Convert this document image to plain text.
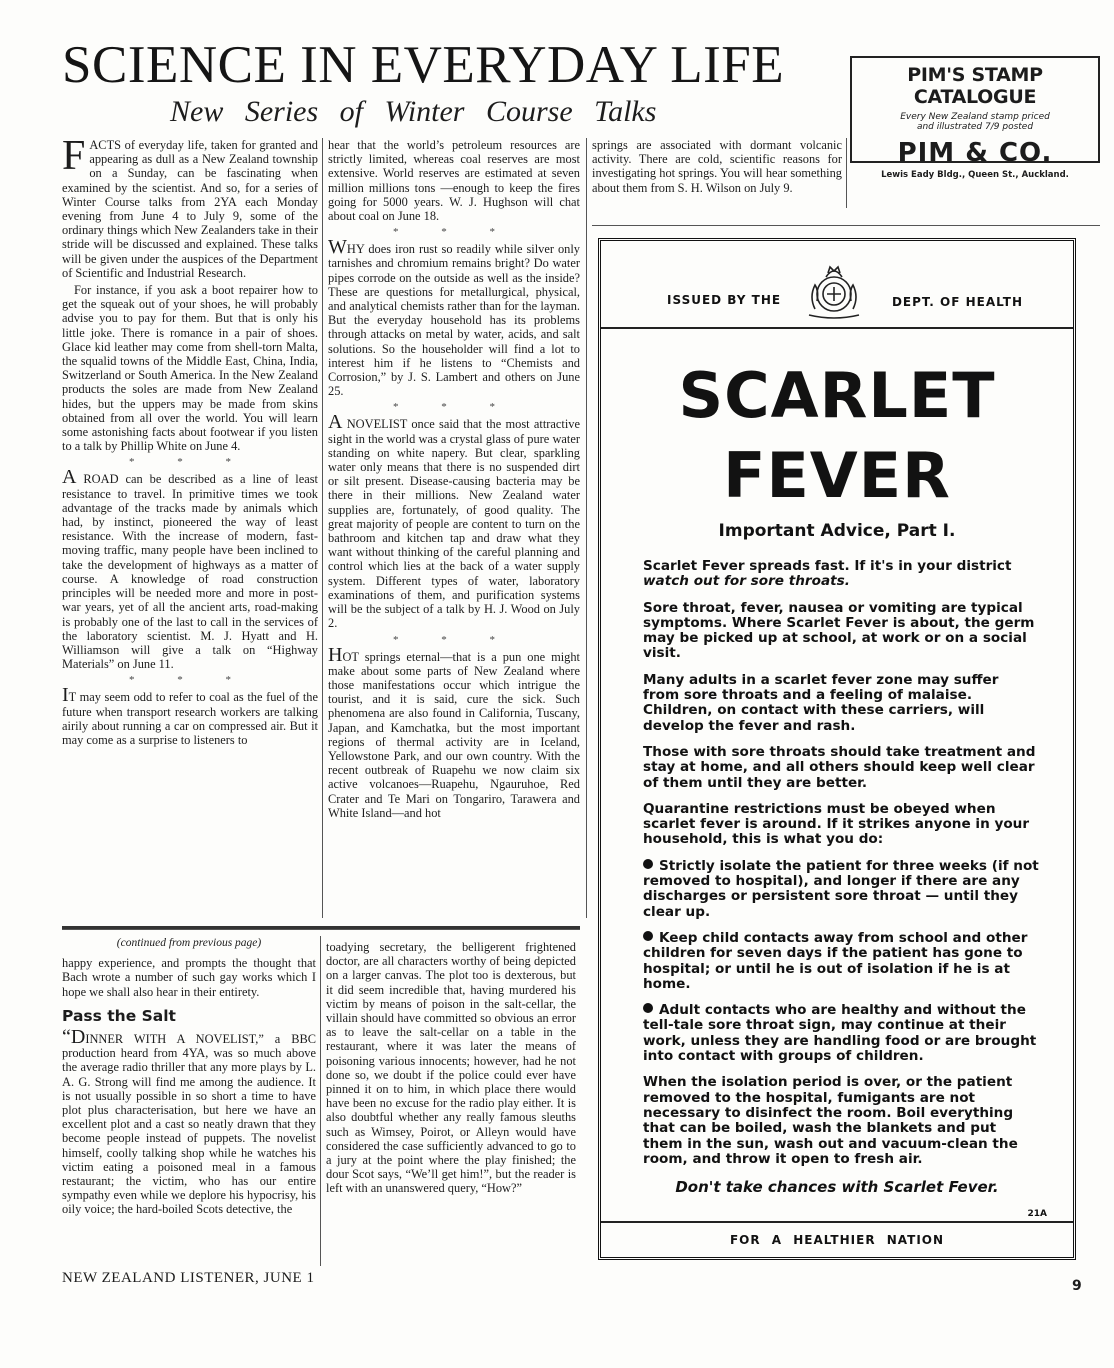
SCIENCE IN EVERYDAY LIFE
New Series of Winter Course Talks

FACTS of everyday life, taken for granted and appearing as dull as a New Zealand township on a Sunday, can be fascinating when examined by the scientist. And so, for a series of Winter Course talks from 2YA each Monday evening from June 4 to July 9, some of the ordinary things which New Zealanders take in their stride will be discussed and explained. These talks will be given under the auspices of the Department of Scientific and Industrial Research.

For instance, if you ask a boot repairer how to get the squeak out of your shoes, he will probably advise you to pay for them. But that is only his little joke. There is romance in a pair of shoes. Glace kid leather may come from shell-torn Malta, the squalid towns of the Middle East, China, India, Switzerland or South America. In the New Zealand products the soles are made from New Zealand hides, but the uppers may be made from skins obtained from all over the world. You will learn some astonishing facts about footwear if you listen to a talk by Phillip White on June 4.

* * *

A ROAD can be described as a line of least resistance to travel. In primitive times we took advantage of the tracks made by animals which had, by instinct, pioneered the way of least resistance. With the increase of modern, fast-moving traffic, many people have been inclined to take the development of highways as a matter of course. A knowledge of road construction principles will be needed more and more in post-war years, yet of all the ancient arts, road-making is probably one of the last to call in the services of the laboratory scientist. M. J. Hyatt and H. Williamson will give a talk on “Highway Materials” on June 11.

* * *

IT may seem odd to refer to coal as the fuel of the future when transport research workers are talking airily about running a car on compressed air. But it may come as a surprise to listeners to

hear that the world’s petroleum resources are strictly limited, whereas coal reserves are most extensive. World reserves are estimated at seven million millions tons —enough to keep the fires going for 5000 years. W. J. Hughson will chat about coal on June 18.

* * *

WHY does iron rust so readily while silver only tarnishes and chromium remains bright? Do water pipes corrode on the outside as well as the inside? These are questions for metallurgical, physical, and analytical chemists rather than for the layman. But the everyday household has its problems through attacks on metal by water, acids, and salt solutions. So the householder will find a lot to interest him if he listens to “Chemists and Corrosion,” by J. S. Lambert and others on June 25.

* * *

A NOVELIST once said that the most attractive sight in the world was a crystal glass of pure water standing on white napery. But clear, sparkling water only means that there is no suspended dirt or silt present. Disease-causing bacteria may be there in their millions. New Zealand water supplies are, fortunately, of good quality. The great majority of people are content to turn on the bathroom and kitchen tap and draw what they want without thinking of the careful planning and control which lies at the back of a water supply system. Different types of water, laboratory examinations of them, and purification systems will be the subject of a talk by H. J. Wood on July 2.

* * *

HOT springs eternal—that is a pun one might make about some parts of New Zealand where those manifestations occur which intrigue the tourist, and it is said, cure the sick. Such phenomena are also found in California, Tuscany, Japan, and Kamchatka, but the most important regions of thermal activity are in Iceland, Yellowstone Park, and our own country. With the recent outbreak of Ruapehu we now claim six active volcanoes—Ruapehu, Ngauruhoe, Red Crater and Te Mari on Tongariro, Tarawera and White Island—and hot

springs are associated with dormant volcanic activity. There are cold, scientific reasons for investigating hot springs. You will hear something about them from S. H. Wilson on July 9.

PIM'S STAMP CATALOGUE
Every New Zealand stamp priced
and illustrated 7/9 posted
PIM & CO.
Lewis Eady Bldg., Queen St., Auckland.
(continued from previous page)

happy experience, and prompts the thought that Bach wrote a number of such gay works which I hope we shall also hear in their entirety.

Pass the Salt

“DINNER WITH A NOVELIST,” a BBC production heard from 4YA, was so much above the average radio thriller that any more plays by L. A. G. Strong will find me among the audience. It is not usually possible in so short a time to have plot plus characterisation, but here we have an excellent plot and a cast so neatly drawn that they become people instead of puppets. The novelist himself, coolly talking shop while he watches his victim eating a poisoned meal in a famous restaurant; the victim, who has our entire sympathy even while we deplore his hypocrisy, his oily voice; the hard-boiled Scots detective, the

toadying secretary, the belligerent frightened doctor, are all characters worthy of being depicted on a larger canvas. The plot too is dexterous, but it did seem incredible that, having murdered his victim by means of poison in the salt-cellar, the villain should have committed so obvious an error as to leave the salt-cellar on a table in the restaurant, where it was later the means of poisoning various innocents; however, had he not done so, we doubt if the police could ever have pinned it on to him, in which place there would have been no excuse for the radio play either. It is also doubtful whether any really famous sleuths such as Wimsey, Poirot, or Alleyn would have considered the case sufficiently advanced to go to a jury at the point where the play finished; the dour Scot says, “We’ll get him!”, but the reader is left with an unanswered query, “How?”

ISSUED BY THE	DEPT. OF HEALTH
SCARLET
FEVER
Important Advice, Part I.

Scarlet Fever spreads fast. If it's in your district
watch out for sore throats.

Sore throat, fever, nausea or vomiting are typical symptoms. Where Scarlet Fever is about, the germ may be picked up at school, at work or on a social visit.

Many adults in a scarlet fever zone may suffer from sore throats and a feeling of malaise. Children, on contact with these carriers, will develop the fever and rash.

Those with sore throats should take treatment and stay at home, and all others should keep well clear of them until they are better.

Quarantine restrictions must be obeyed when scarlet fever is around. If it strikes anyone in your household, this is what you do:

Strictly isolate the patient for three weeks (if not removed to hospital), and longer if there are any discharges or persistent sore throat — until they clear up.

Keep child contacts away from school and other children for seven days if the patient has gone to hospital; or until he is out of isolation if he is at home.

Adult contacts who are healthy and without the tell-tale sore throat sign, may continue at their work, unless they are handling food or are brought into contact with groups of children.

When the isolation period is over, or the patient removed to the hospital, fumigants are not necessary to disinfect the room. Boil everything that can be boiled, wash the blankets and put them in the sun, wash out and vacuum-clean the room, and throw it open to fresh air.

Don't take chances with Scarlet Fever.
21A
FOR A HEALTHIER NATION
NEW ZEALAND LISTENER, JUNE 1	9
